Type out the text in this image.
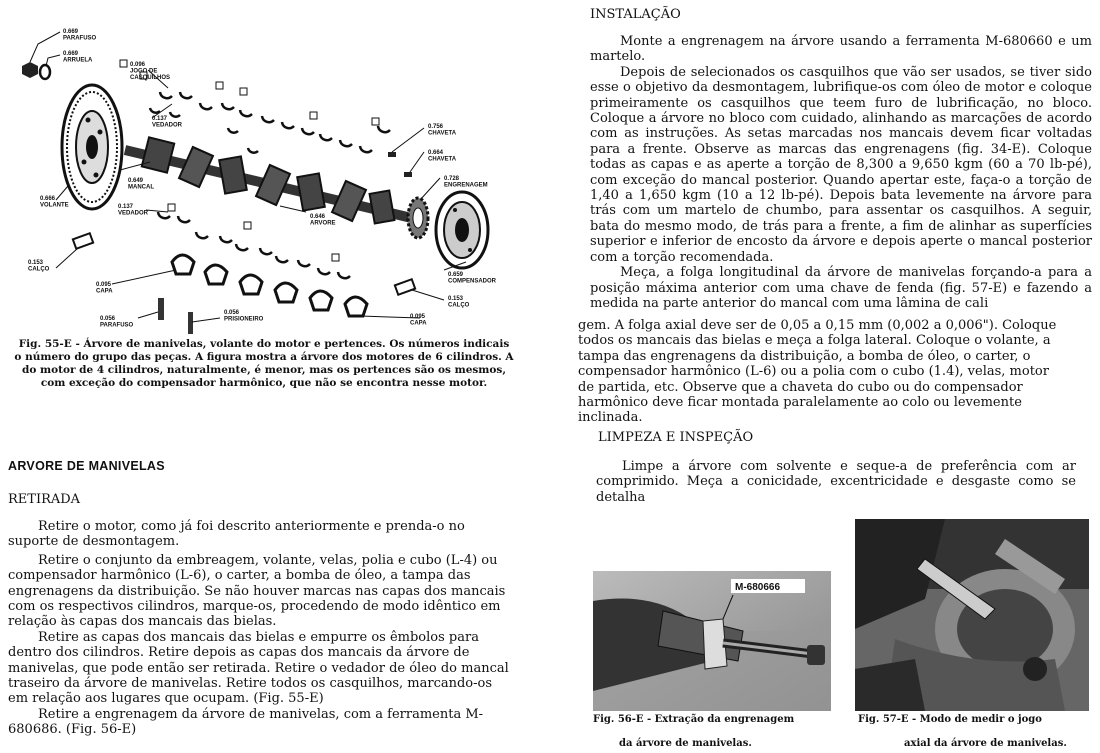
0.669 PARAFUSO
0.669 ARRUELA
0.096 JOGO DE CASQUILHOS
0.137 VEDADOR
0.649 MANCAL
0.666 VOLANTE	0.137 VEDADOR
0.756 CHAVETA
0.664 CHAVETA
0.728 ENGRENAGEM
0.646 ARVORE
0.153 CALÇO
0.095 CAPA
0.056 PARAFUSO
0.056 PRISIONEIRO
0.659 COMPENSADOR
0.153 CALÇO
0.095 CAPA
Fig. 55-E - Árvore de manivelas, volante do motor e pertences. Os números indicais o número do grupo das peças. A figura mostra a árvore dos motores de 6 cilindros. A do motor de 4 cilindros, naturalmente, é menor, mas os pertences são os mesmos, com exceção do compensador harmônico, que não se encontra nesse motor.
ARVORE DE MANIVELAS
RETIRADA

Retire o motor, como já foi descrito anteriormente e prenda-o no suporte de desmontagem.

Retire o conjunto da embreagem, volante, velas, polia e cubo (L-4) ou compensador harmônico (L-6), o carter, a bomba de óleo, a tampa das engrenagens da distribuição. Se não houver marcas nas capas dos mancais com os respectivos cilindros, marque-os, procedendo de modo idêntico em relação às capas dos mancais das bielas.

Retire as capas dos mancais das bielas e empurre os êmbolos para dentro dos cilindros. Retire depois as capas dos mancais da árvore de manivelas, que pode então ser retirada. Retire o vedador de óleo do mancal traseiro da árvore de manivelas. Retire todos os casquilhos, marcando-os em relação aos lugares que ocupam. (Fig. 55-E)

Retire a engrenagem da árvore de manivelas, com a ferramenta M-680686. (Fig. 56-E)

INSTALAÇÃO

Monte a engrenagem na árvore usando a ferramenta M-680660 e um martelo.

Depois de selecionados os casquilhos que vão ser usados, se tiver sido esse o objetivo da desmontagem, lubrifique-os com óleo de motor e coloque primeiramente os casquilhos que teem furo de lubrificação, no bloco. Coloque a árvore no bloco com cuidado, alinhando as marcações de acordo com as instruções. As setas marcadas nos mancais devem ficar voltadas para a frente. Observe as marcas das engrenagens (fig. 34-E). Coloque todas as capas e as aperte a torção de 8,300 a 9,650 kgm (60 a 70 lb-pé), com exceção do mancal posterior. Quando apertar este, faça-o a torção de 1,40 a 1,650 kgm (10 a 12 lb-pé). Depois bata levemente na árvore para trás com um martelo de chumbo, para assentar os casquilhos. A seguir, bata do mesmo modo, de trás para a frente, a fim de alinhar as superfícies superior e inferior de encosto da árvore e depois aperte o mancal posterior com a torção recomendada.

Meça, a folga longitudinal da árvore de manivelas forçando-a para a posição máxima anterior com uma chave de fenda (fig. 57-E) e fazendo a medida na parte anterior do mancal com uma lâmina de cali

gem. A folga axial deve ser de 0,05 a 0,15 mm (0,002 a 0,006"). Coloque todos os mancais das bielas e meça a folga lateral. Coloque o volante, a tampa das engrenagens da distribuição, a bomba de óleo, o carter, o compensador harmônico (L-6) ou a polia com o cubo (1.4), velas, motor de partida, etc. Observe que a chaveta do cubo ou do compensador harmônico deve ficar montada paralelamente ao colo ou levemente inclinada.
LIMPEZA E INSPEÇÃO
Limpe a árvore com solvente e seque-a de preferência com ar comprimido. Meça a conicidade, excentricidade e desgaste como se detalha
M-680666
Fig. 56-E - Extração da engrenagem
da árvore de manivelas.
Fig. 57-E - Modo de medir o jogo
axial da árvore de manivelas.
